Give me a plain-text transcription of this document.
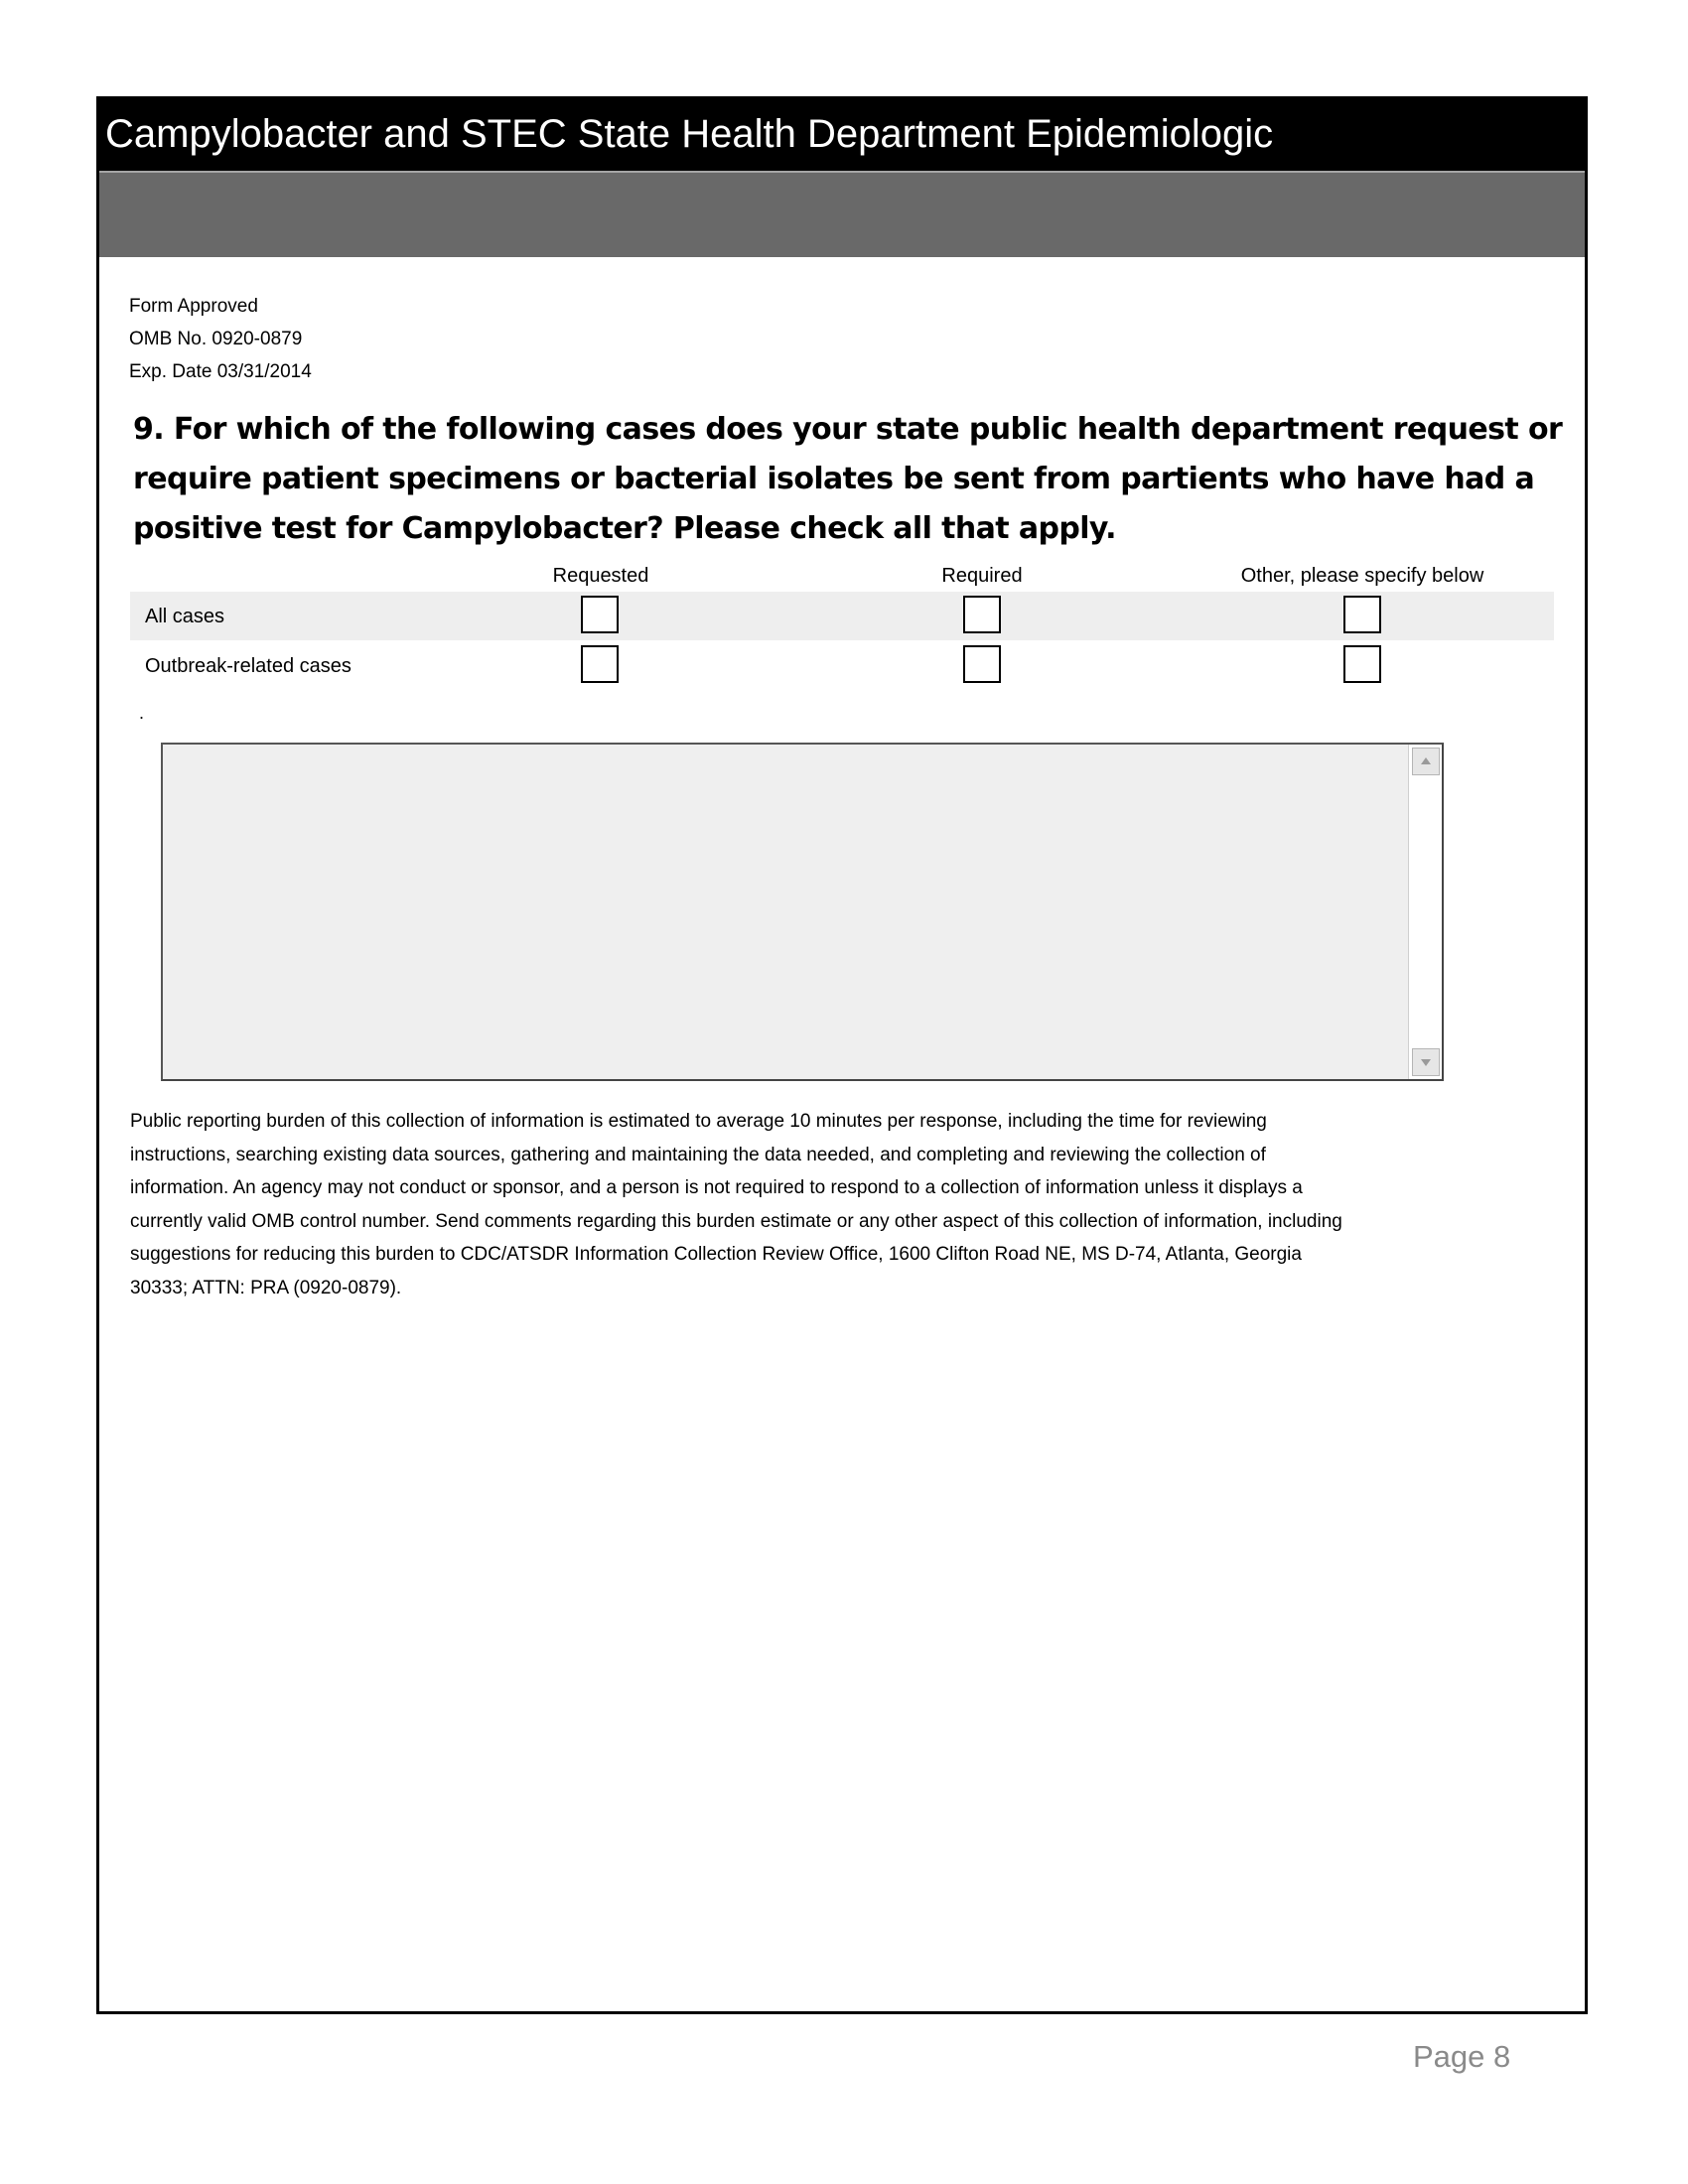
Campylobacter and STEC State Health Department Epidemiologic
Form Approved
OMB No. 0920-0879
Exp. Date 03/31/2014
9. For which of the following cases does your state public health department request or require patient specimens or bacterial isolates be sent from partients who have had a positive test for Campylobacter? Please check all that apply.
Requested	Required	Other, please specify below
All cases
Outbreak-related cases
.
Public reporting burden of this collection of information is estimated to average 10 minutes per response, including the time for reviewing
instructions, searching existing data sources, gathering and maintaining the data needed, and completing and reviewing the collection of
information. An agency may not conduct or sponsor, and a person is not required to respond to a collection of information unless it displays a
currently valid OMB control number. Send comments regarding this burden estimate or any other aspect of this collection of information, including
suggestions for reducing this burden to CDC/ATSDR Information Collection Review Office, 1600 Clifton Road NE, MS D-74, Atlanta, Georgia
30333; ATTN: PRA (0920-0879).
Page 8
